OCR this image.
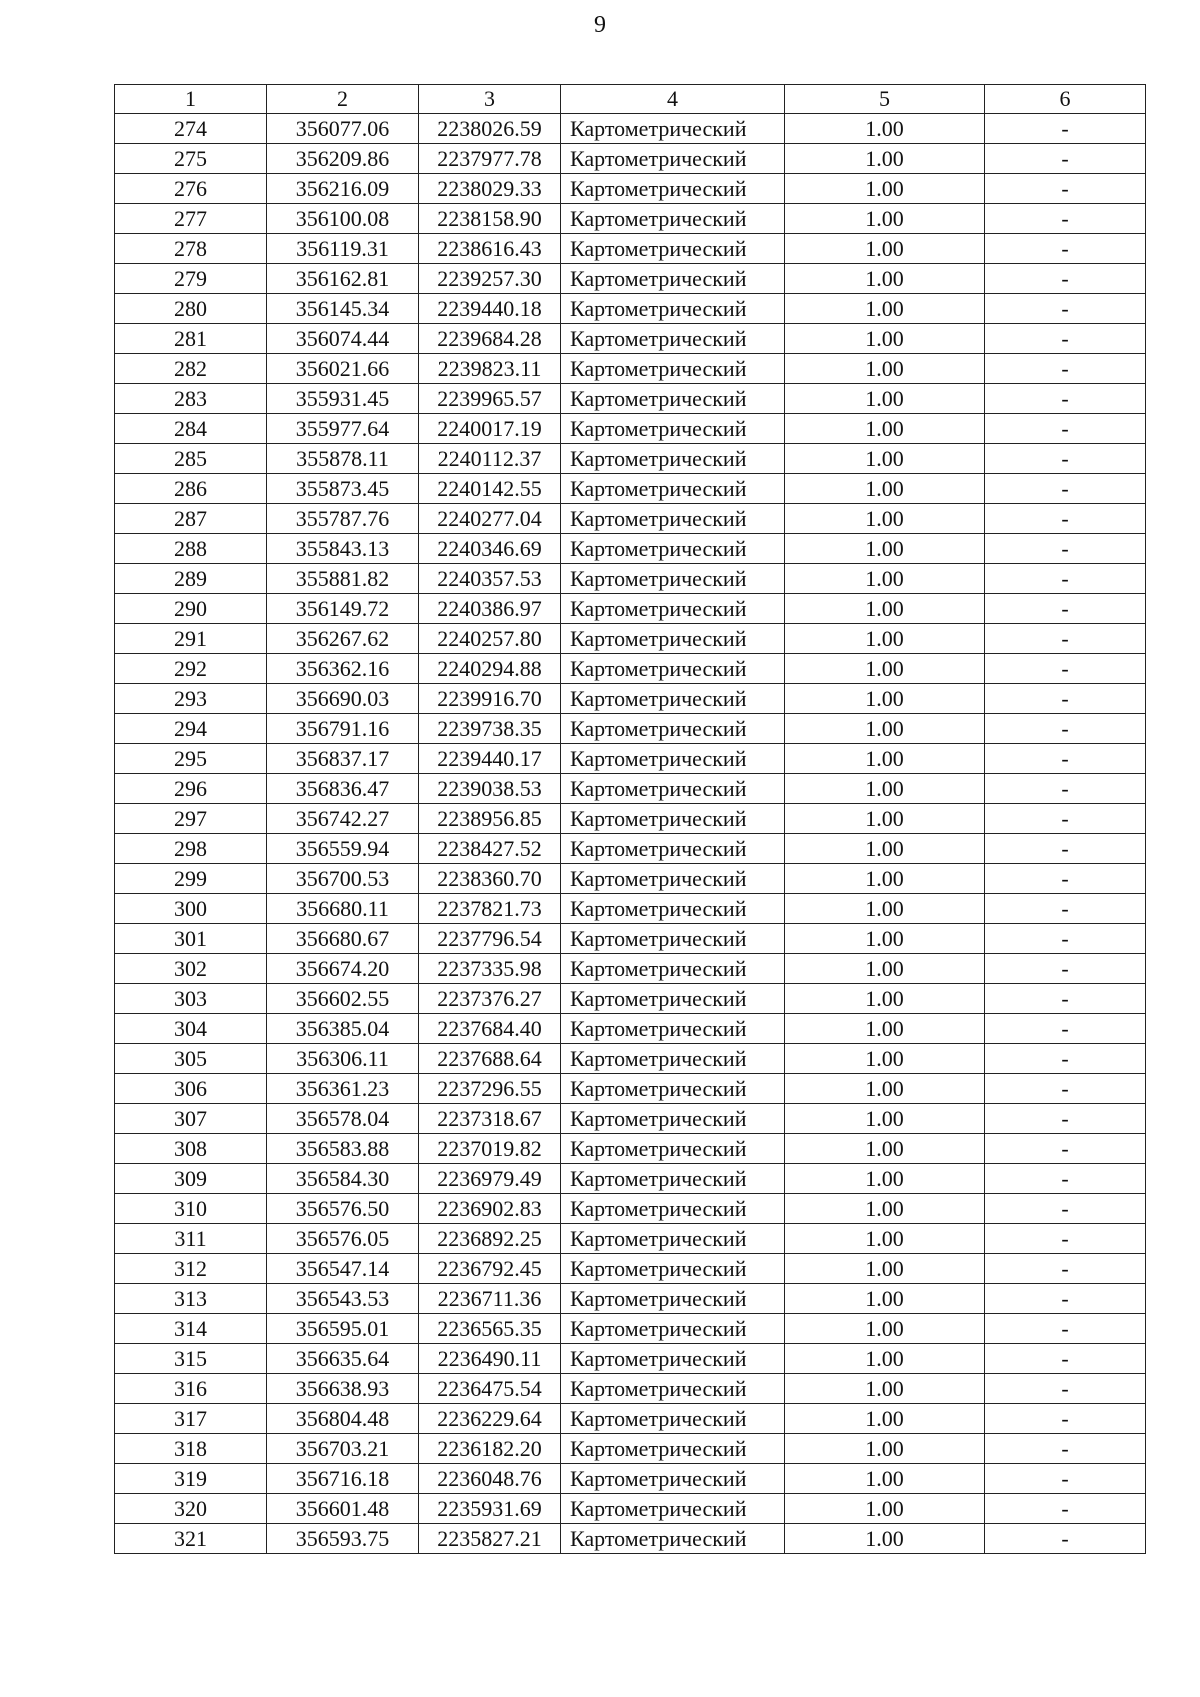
9
1	2	3	4	5	6
274	356077.06	2238026.59	Картометрический	1.00	-
275	356209.86	2237977.78	Картометрический	1.00	-
276	356216.09	2238029.33	Картометрический	1.00	-
277	356100.08	2238158.90	Картометрический	1.00	-
278	356119.31	2238616.43	Картометрический	1.00	-
279	356162.81	2239257.30	Картометрический	1.00	-
280	356145.34	2239440.18	Картометрический	1.00	-
281	356074.44	2239684.28	Картометрический	1.00	-
282	356021.66	2239823.11	Картометрический	1.00	-
283	355931.45	2239965.57	Картометрический	1.00	-
284	355977.64	2240017.19	Картометрический	1.00	-
285	355878.11	2240112.37	Картометрический	1.00	-
286	355873.45	2240142.55	Картометрический	1.00	-
287	355787.76	2240277.04	Картометрический	1.00	-
288	355843.13	2240346.69	Картометрический	1.00	-
289	355881.82	2240357.53	Картометрический	1.00	-
290	356149.72	2240386.97	Картометрический	1.00	-
291	356267.62	2240257.80	Картометрический	1.00	-
292	356362.16	2240294.88	Картометрический	1.00	-
293	356690.03	2239916.70	Картометрический	1.00	-
294	356791.16	2239738.35	Картометрический	1.00	-
295	356837.17	2239440.17	Картометрический	1.00	-
296	356836.47	2239038.53	Картометрический	1.00	-
297	356742.27	2238956.85	Картометрический	1.00	-
298	356559.94	2238427.52	Картометрический	1.00	-
299	356700.53	2238360.70	Картометрический	1.00	-
300	356680.11	2237821.73	Картометрический	1.00	-
301	356680.67	2237796.54	Картометрический	1.00	-
302	356674.20	2237335.98	Картометрический	1.00	-
303	356602.55	2237376.27	Картометрический	1.00	-
304	356385.04	2237684.40	Картометрический	1.00	-
305	356306.11	2237688.64	Картометрический	1.00	-
306	356361.23	2237296.55	Картометрический	1.00	-
307	356578.04	2237318.67	Картометрический	1.00	-
308	356583.88	2237019.82	Картометрический	1.00	-
309	356584.30	2236979.49	Картометрический	1.00	-
310	356576.50	2236902.83	Картометрический	1.00	-
311	356576.05	2236892.25	Картометрический	1.00	-
312	356547.14	2236792.45	Картометрический	1.00	-
313	356543.53	2236711.36	Картометрический	1.00	-
314	356595.01	2236565.35	Картометрический	1.00	-
315	356635.64	2236490.11	Картометрический	1.00	-
316	356638.93	2236475.54	Картометрический	1.00	-
317	356804.48	2236229.64	Картометрический	1.00	-
318	356703.21	2236182.20	Картометрический	1.00	-
319	356716.18	2236048.76	Картометрический	1.00	-
320	356601.48	2235931.69	Картометрический	1.00	-
321	356593.75	2235827.21	Картометрический	1.00	-
